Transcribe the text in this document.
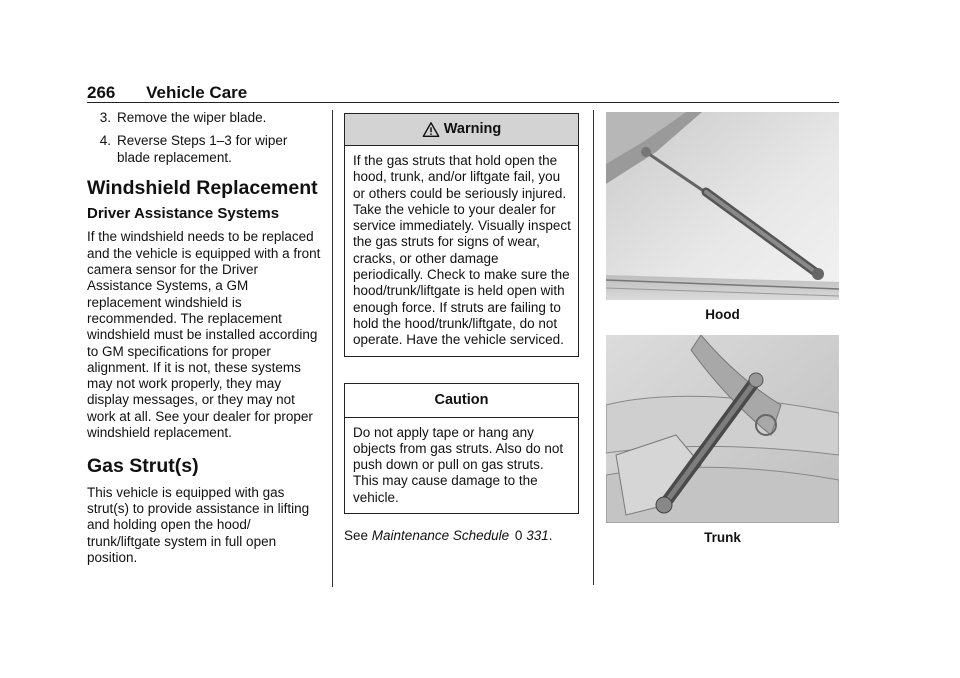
266 Vehicle Care
3. Remove the wiper blade.
4. Reverse Steps 1–3 for wiper blade replacement.
Windshield Replacement
Driver Assistance Systems

If the windshield needs to be replaced and the vehicle is equipped with a front camera sensor for the Driver Assistance Systems, a GM replacement windshield is recommended. The replacement windshield must be installed according to GM specifications for proper alignment. If it is not, these systems may not work properly, they may display messages, or they may not work at all. See your dealer for proper windshield replacement.

Gas Strut(s)

This vehicle is equipped with gas strut(s) to provide assistance in lifting and holding open the hood/ trunk/liftgate system in full open position.

Warning
If the gas struts that hold open the hood, trunk, and/or liftgate fail, you or others could be seriously injured. Take the vehicle to your dealer for service immediately. Visually inspect the gas struts for signs of wear, cracks, or other damage periodically. Check to make sure the hood/trunk/liftgate is held open with enough force. If struts are failing to hold the hood/trunk/liftgate, do not operate. Have the vehicle serviced.
Caution
Do not apply tape or hang any objects from gas struts. Also do not push down or pull on gas struts. This may cause damage to the vehicle.
See Maintenance Schedule 0 331.
Hood
Trunk
